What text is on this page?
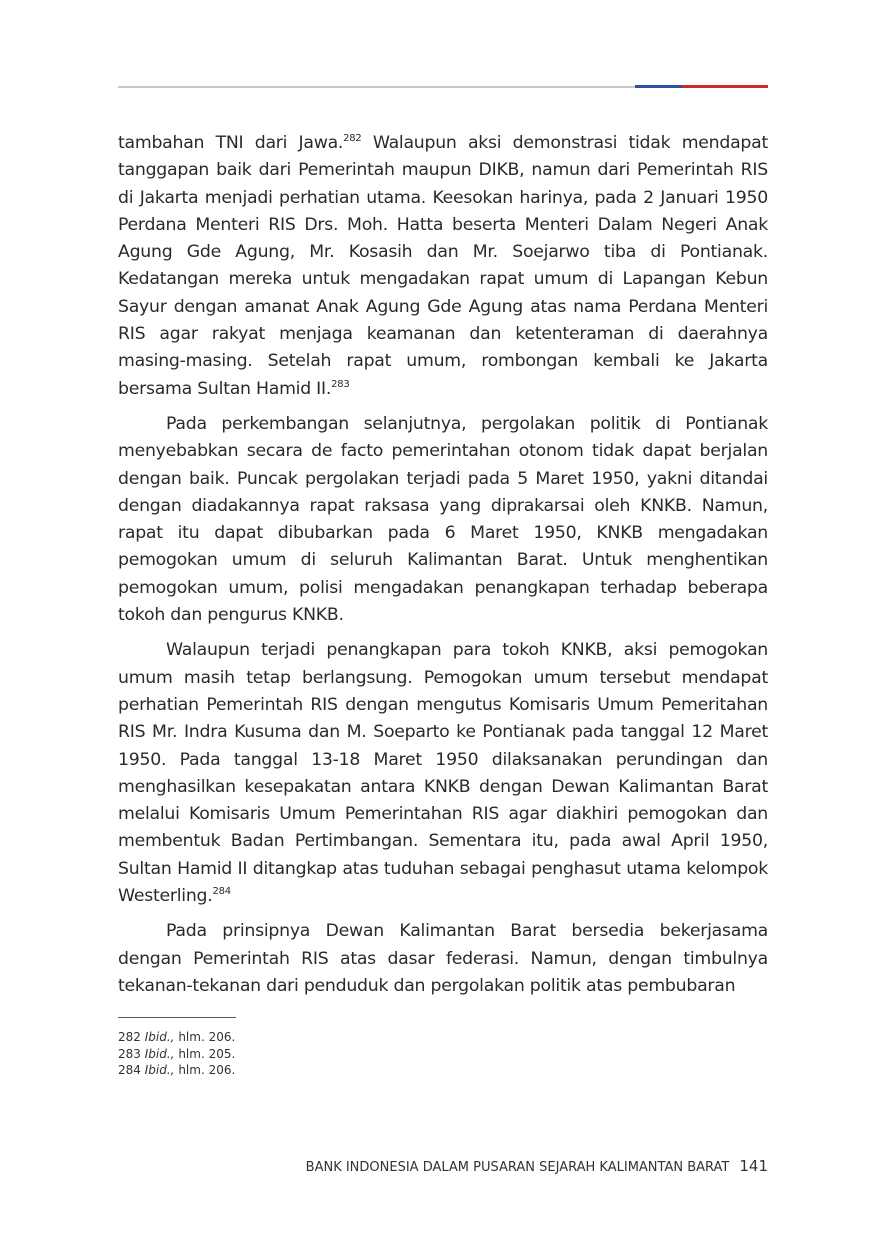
tambahan TNI dari Jawa.$^{282}$ Walaupun aksi demonstrasi tidak mendapat tanggapan baik dari Pemerintah maupun DIKB, namun dari Pemerintah RIS di Jakarta menjadi perhatian utama. Keesokan harinya, pada 2 Januari 1950 Perdana Menteri RIS Drs. Moh. Hatta beserta Menteri Dalam Negeri Anak Agung Gde Agung, Mr. Kosasih dan Mr. Soejarwo tiba di Pontianak. Kedatangan mereka untuk mengadakan rapat umum di Lapangan Kebun Sayur dengan amanat Anak Agung Gde Agung atas nama Perdana Menteri RIS agar rakyat menjaga keamanan dan ketenteraman di daerahnya masing-masing. Setelah rapat umum, rombongan kembali ke Jakarta bersama Sultan Hamid II.$^{283}$

Pada perkembangan selanjutnya, pergolakan politik di Pontianak menyebabkan secara de facto pemerintahan otonom tidak dapat berjalan dengan baik. Puncak pergolakan terjadi pada 5 Maret 1950, yakni ditandai dengan diadakannya rapat raksasa yang diprakarsai oleh KNKB. Namun, rapat itu dapat dibubarkan pada 6 Maret 1950, KNKB mengadakan pemogokan umum di seluruh Kalimantan Barat. Untuk menghentikan pemogokan umum, polisi mengadakan penangkapan terhadap beberapa tokoh dan pengurus KNKB.

Walaupun terjadi penangkapan para tokoh KNKB, aksi pemogokan umum masih tetap berlangsung. Pemogokan umum tersebut mendapat perhatian Pemerintah RIS dengan mengutus Komisaris Umum Pemeritahan RIS Mr. Indra Kusuma dan M. Soeparto ke Pontianak pada tanggal 12 Maret 1950. Pada tanggal 13-18 Maret 1950 dilaksanakan perundingan dan menghasilkan kesepakatan antara KNKB dengan Dewan Kalimantan Barat melalui Komisaris Umum Pemerintahan RIS agar diakhiri pemogokan dan membentuk Badan Pertimbangan. Sementara itu, pada awal April 1950, Sultan Hamid II ditangkap atas tuduhan sebagai penghasut utama kelompok Westerling.$^{284}$

Pada prinsipnya Dewan Kalimantan Barat bersedia bekerjasama dengan Pemerintah RIS atas dasar federasi. Namun, dengan timbulnya tekanan-tekanan dari penduduk dan pergolakan politik atas pembubaran

282 Ibid., hlm. 206.
283 Ibid., hlm. 205.
284 Ibid., hlm. 206.
BANK INDONESIA DALAM PUSARAN SEJARAH KALIMANTAN BARAT 141
